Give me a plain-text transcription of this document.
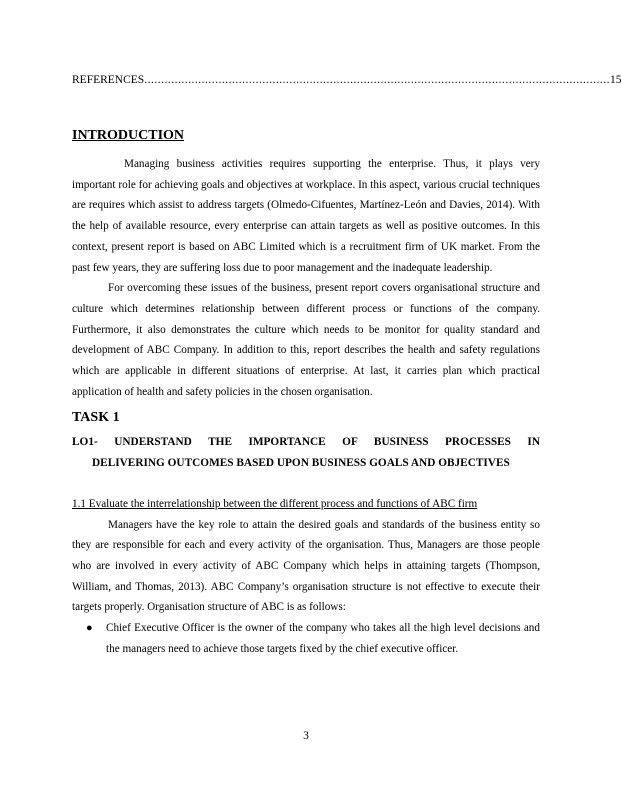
REFERENCES .......................................................................................................................................... 15
INTRODUCTION

Managing business activities requires supporting the enterprise. Thus, it plays very important role for achieving goals and objectives at workplace. In this aspect, various crucial techniques are requires which assist to address targets (Olmedo-Cifuentes, Martínez-León and Davies, 2014). With the help of available resource, every enterprise can attain targets as well as positive outcomes. In this context, present report is based on ABC Limited which is a recruitment firm of UK market. From the past few years, they are suffering loss due to poor management and the inadequate leadership.

For overcoming these issues of the business, present report covers organisational structure and culture which determines relationship between different process or functions of the company. Furthermore, it also demonstrates the culture which needs to be monitor for quality standard and development of ABC Company. In addition to this, report describes the health and safety regulations which are applicable in different situations of enterprise. At last, it carries plan which practical application of health and safety policies in the chosen organisation.

TASK 1
LO1- UNDERSTAND THE IMPORTANCE OF BUSINESS PROCESSES IN
DELIVERING OUTCOMES BASED UPON BUSINESS GOALS AND OBJECTIVES
1.1 Evaluate the interrelationship between the different process and functions of ABC firm

Managers have the key role to attain the desired goals and standards of the business entity so they are responsible for each and every activity of the organisation. Thus, Managers are those people who are involved in every activity of ABC Company which helps in attaining targets (Thompson, William, and Thomas, 2013). ABC Company’s organisation structure is not effective to execute their targets properly. Organisation structure of ABC is as follows:

● Chief Executive Officer is the owner of the company who takes all the high level decisions and the managers need to achieve those targets fixed by the chief executive officer.

3
